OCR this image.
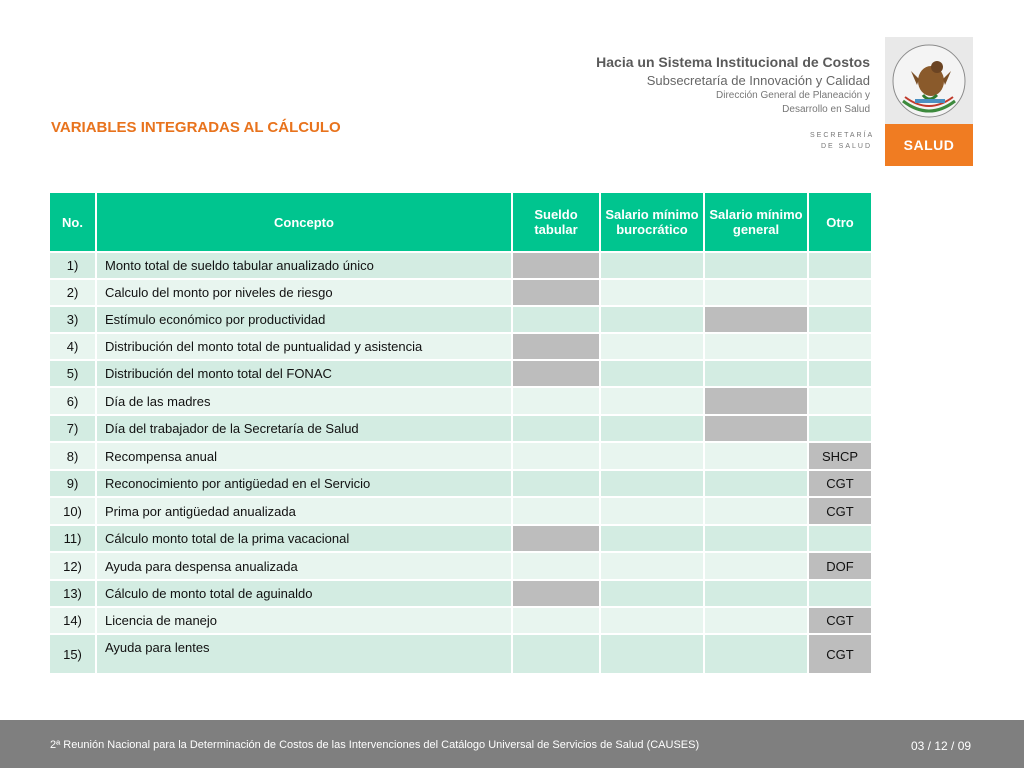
Hacia un Sistema Institucional de Costos
Subsecretaría de Innovación y Calidad
Dirección General de Planeación y
Desarrollo en Salud
SECRETARÍA
DE SALUD	SALUD
VARIABLES INTEGRADAS AL CÁLCULO
No.	Concepto	Sueldo tabular	Salario mínimo burocrático	Salario mínimo general	Otro
1)	Monto total de sueldo tabular anualizado único				
2)	Calculo del monto por niveles de riesgo				
3)	Estímulo económico por productividad				
4)	Distribución del monto total de puntualidad y asistencia				
5)	Distribución del monto total del FONAC				
6)	Día de las madres				
7)	Día del trabajador de la Secretaría de Salud				
8)	Recompensa anual				SHCP
9)	Reconocimiento por antigüedad en el Servicio				CGT
10)	Prima por antigüedad anualizada				CGT
11)	Cálculo monto total de la prima vacacional				
12)	Ayuda para despensa anualizada				DOF
13)	Cálculo de monto total de aguinaldo				
14)	Licencia de manejo				CGT
15)	Ayuda para lentes				CGT
2ª Reunión Nacional para la Determinación de Costos de las Intervenciones del Catálogo Universal de Servicios de Salud (CAUSES)	03 / 12 / 09
